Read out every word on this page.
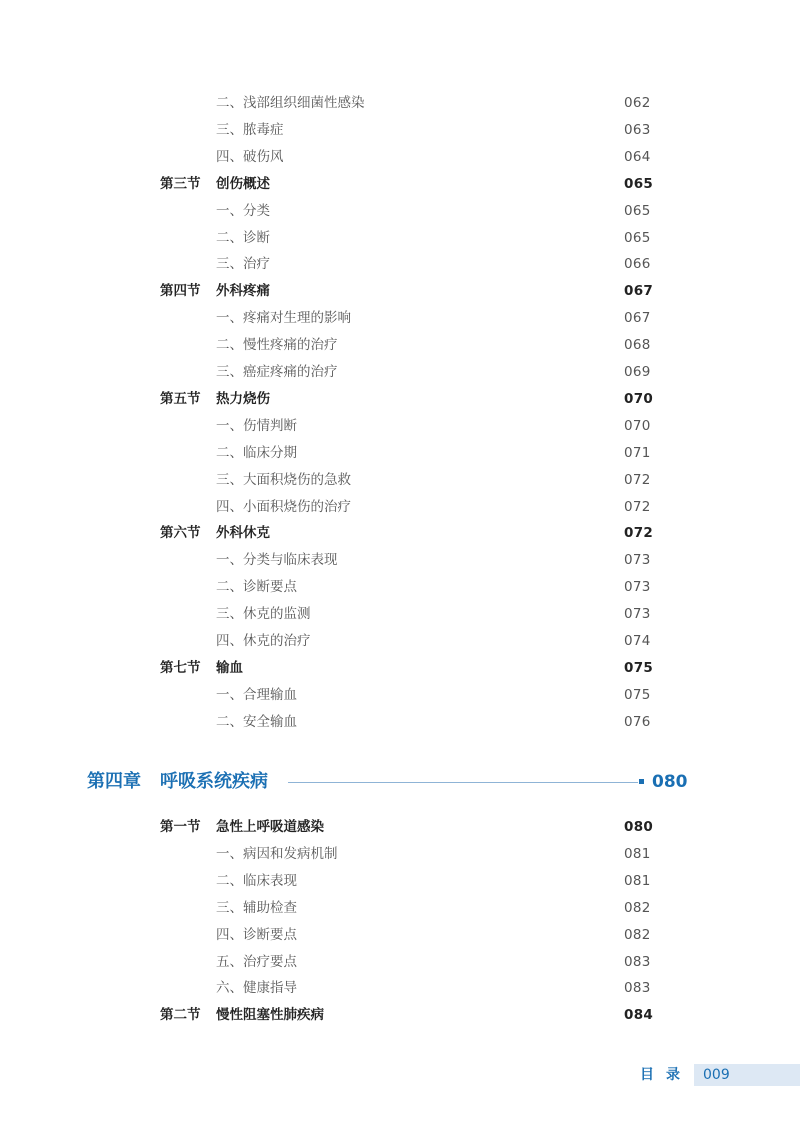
二、浅部组织细菌性感染	062
三、脓毒症	063
四、破伤风	064
第三节 创伤概述	065
一、分类	065
二、诊断	065
三、治疗	066
第四节 外科疼痛	067
一、疼痛对生理的影响	067
二、慢性疼痛的治疗	068
三、癌症疼痛的治疗	069
第五节 热力烧伤	070
一、伤情判断	070
二、临床分期	071
三、大面积烧伤的急救	072
四、小面积烧伤的治疗	072
第六节 外科休克	072
一、分类与临床表现	073
二、诊断要点	073
三、休克的监测	073
四、休克的治疗	074
第七节 输血	075
一、合理输血	075
二、安全输血	076
第四章 呼吸系统疾病	080
第一节 急性上呼吸道感染	080
一、病因和发病机制	081
二、临床表现	081
三、辅助检查	082
四、诊断要点	082
五、治疗要点	083
六、健康指导	083
第二节 慢性阻塞性肺疾病	084
目录 009
